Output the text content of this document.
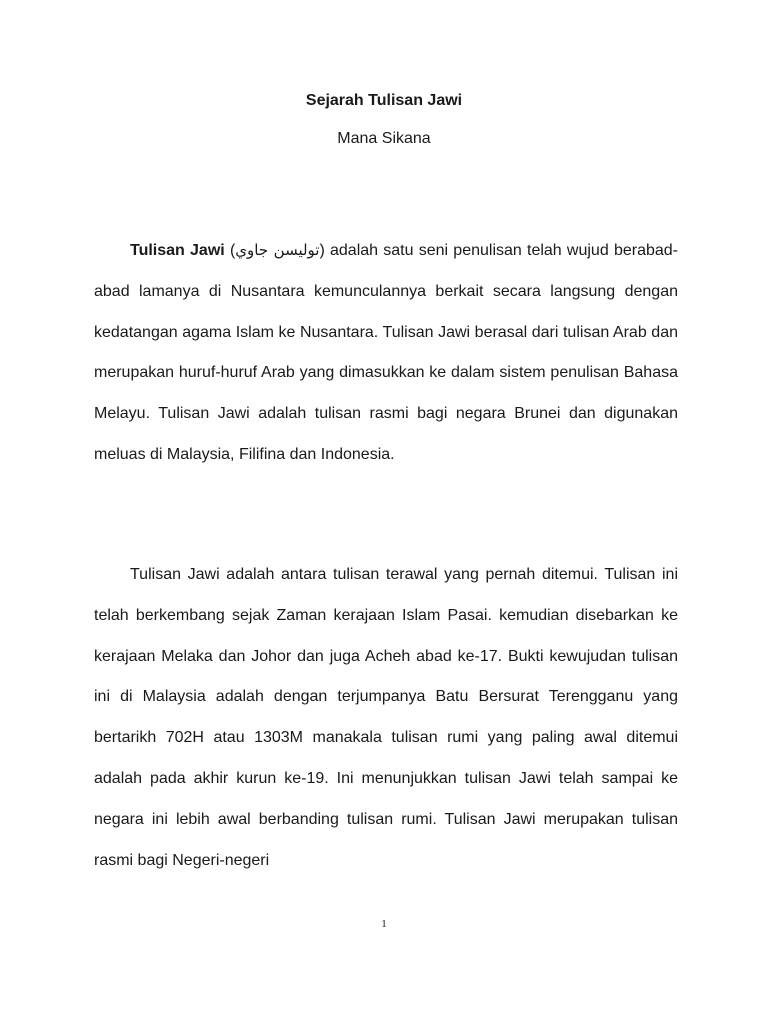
Sejarah Tulisan Jawi
Mana Sikana

Tulisan Jawi (توليسن جاوي) adalah satu seni penulisan telah wujud berabad-abad lamanya di Nusantara kemunculannya berkait secara langsung dengan kedatangan agama Islam ke Nusantara. Tulisan Jawi berasal dari tulisan Arab dan merupakan huruf-huruf Arab yang dimasukkan ke dalam sistem penulisan Bahasa Melayu. Tulisan Jawi adalah tulisan rasmi bagi negara Brunei dan digunakan meluas di Malaysia, Filifina dan Indonesia.

Tulisan Jawi adalah antara tulisan terawal yang pernah ditemui. Tulisan ini telah berkembang sejak Zaman kerajaan Islam Pasai. kemudian disebarkan ke kerajaan Melaka dan Johor dan juga Acheh abad ke-17. Bukti kewujudan tulisan ini di Malaysia adalah dengan terjumpanya Batu Bersurat Terengganu yang bertarikh 702H atau 1303M manakala tulisan rumi yang paling awal ditemui adalah pada akhir kurun ke-19. Ini menunjukkan tulisan Jawi telah sampai ke negara ini lebih awal berbanding tulisan rumi. Tulisan Jawi merupakan tulisan rasmi bagi Negeri-negeri

1
